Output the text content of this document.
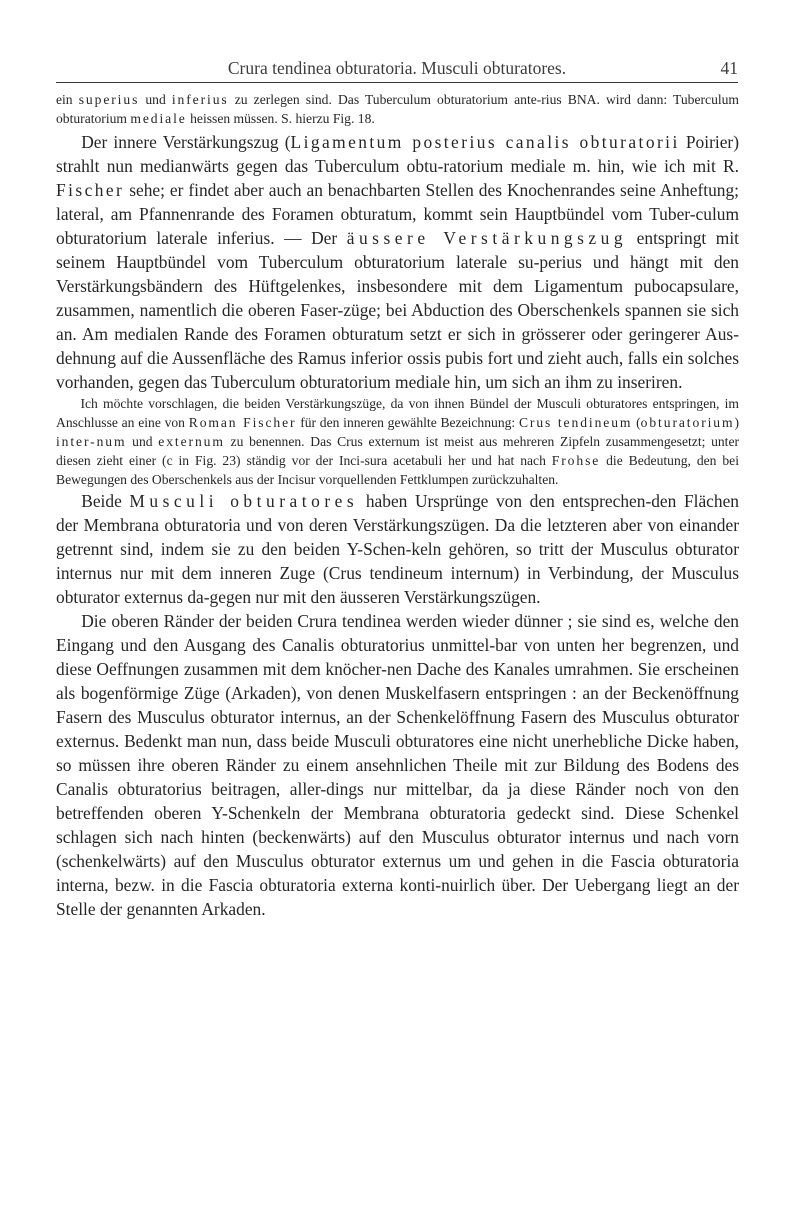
Crura tendinea obturatoria. Musculi obturatores.	41

ein superius und inferius zu zerlegen sind. Das Tuberculum obturatorium ante-rius BNA. wird dann: Tuberculum obturatorium mediale heissen müssen. S. hierzu Fig. 18.

Der innere Verstärkungszug (Ligamentum posterius canalis obturatorii Poirier) strahlt nun medianwärts gegen das Tuberculum obtu-ratorium mediale m. hin, wie ich mit R. Fischer sehe; er findet aber auch an benachbarten Stellen des Knochenrandes seine Anheftung; lateral, am Pfannenrande des Foramen obturatum, kommt sein Hauptbündel vom Tuber-culum obturatorium laterale inferius. — Der äussere Verstärkungszug entspringt mit seinem Hauptbündel vom Tuberculum obturatorium laterale su-perius und hängt mit den Verstärkungsbändern des Hüftgelenkes, insbesondere mit dem Ligamentum pubocapsulare, zusammen, namentlich die oberen Faser-züge; bei Abduction des Oberschenkels spannen sie sich an. Am medialen Rande des Foramen obturatum setzt er sich in grösserer oder geringerer Aus-dehnung auf die Aussenfläche des Ramus inferior ossis pubis fort und zieht auch, falls ein solches vorhanden, gegen das Tuberculum obturatorium mediale hin, um sich an ihm zu inseriren.

Ich möchte vorschlagen, die beiden Verstärkungszüge, da von ihnen Bündel der Musculi obturatores entspringen, im Anschlusse an eine von Roman Fischer für den inneren gewählte Bezeichnung: Crus tendineum (obturatorium) inter-num und externum zu benennen. Das Crus externum ist meist aus mehreren Zipfeln zusammengesetzt; unter diesen zieht einer (c in Fig. 23) ständig vor der Inci-sura acetabuli her und hat nach Frohse die Bedeutung, den bei Bewegungen des Oberschenkels aus der Incisur vorquellenden Fettklumpen zurückzuhalten.

Beide Musculi obturatores haben Ursprünge von den entsprechen-den Flächen der Membrana obturatoria und von deren Verstärkungszügen. Da die letzteren aber von einander getrennt sind, indem sie zu den beiden Y-Schen-keln gehören, so tritt der Musculus obturator internus nur mit dem inneren Zuge (Crus tendineum internum) in Verbindung, der Musculus obturator externus da-gegen nur mit den äusseren Verstärkungszügen.

Die oberen Ränder der beiden Crura tendinea werden wieder dünner ; sie sind es, welche den Eingang und den Ausgang des Canalis obturatorius unmittel-bar von unten her begrenzen, und diese Oeffnungen zusammen mit dem knöcher-nen Dache des Kanales umrahmen. Sie erscheinen als bogenförmige Züge (Arkaden), von denen Muskelfasern entspringen : an der Beckenöffnung Fasern des Musculus obturator internus, an der Schenkelöffnung Fasern des Musculus obturator externus. Bedenkt man nun, dass beide Musculi obturatores eine nicht unerhebliche Dicke haben, so müssen ihre oberen Ränder zu einem ansehnlichen Theile mit zur Bildung des Bodens des Canalis obturatorius beitragen, aller-dings nur mittelbar, da ja diese Ränder noch von den betreffenden oberen Y-Schenkeln der Membrana obturatoria gedeckt sind. Diese Schenkel schlagen sich nach hinten (beckenwärts) auf den Musculus obturator internus und nach vorn (schenkelwärts) auf den Musculus obturator externus um und gehen in die Fascia obturatoria interna, bezw. in die Fascia obturatoria externa konti-nuirlich über. Der Uebergang liegt an der Stelle der genannten Arkaden.
